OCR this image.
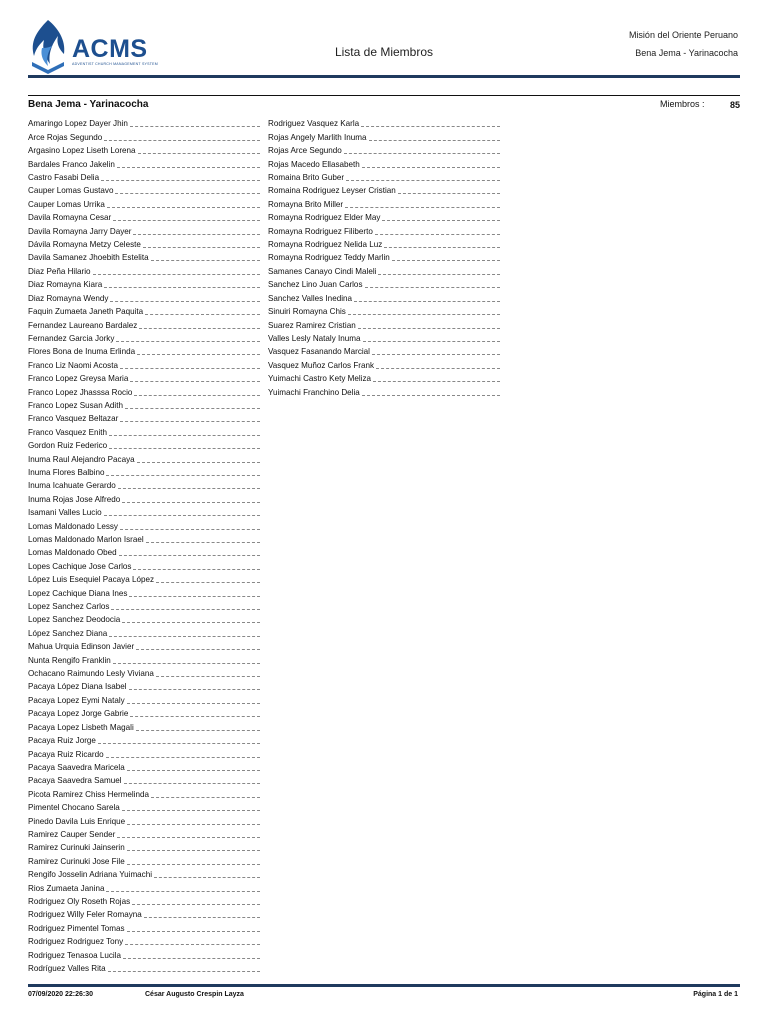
ACMS
ADVENTIST CHURCH MANAGEMENT SYSTEM
Lista de Miembros
Misión del Oriente Peruano
Bena Jema - Yarinacocha
Bena Jema - Yarinacocha	Miembros :	85
Amaringo Lopez Dayer Jhin
Arce Rojas Segundo
Argasino Lopez Liseth Lorena
Bardales Franco Jakelin
Castro Fasabi Delia
Cauper Lomas Gustavo
Cauper Lomas Urrika
Davila Romayna Cesar
Davila Romayna Jarry Dayer
Dávila Romayna Metzy Celeste
Davila Samanez Jhoebith Estelita
Diaz Peña Hilario
Diaz Romayna Kiara
Diaz Romayna Wendy
Faquin Zumaeta Janeth Paquita
Fernandez Laureano Bardalez
Fernandez Garcia Jorky
Flores Bona de Inuma Erlinda
Franco Liz Naomi Acosta
Franco Lopez Greysa Maria
Franco Lopez Jhasssa Rocio
Franco Lopez Susan Adith
Franco Vasquez Beltazar
Franco Vasquez Enith
Gordon Ruiz Federico
Inuma Raul Alejandro Pacaya
Inuma Flores Balbino
Inuma Icahuate Gerardo
Inuma Rojas Jose Alfredo
Isamani Valles Lucio
Lomas Maldonado Lessy
Lomas Maldonado Marlon Israel
Lomas Maldonado Obed
Lopes Cachique Jose Carlos
López Luis Esequiel Pacaya López
Lopez Cachique Diana Ines
Lopez Sanchez Carlos
Lopez Sanchez Deodocia
López Sanchez Diana
Mahua Urquia Edinson Javier
Nunta Rengifo Franklin
Ochacano Raimundo Lesly Viviana
Pacaya López Diana Isabel
Pacaya Lopez Eymi Nataly
Pacaya Lopez Jorge Gabrie
Pacaya Lopez Lisbeth Magali
Pacaya Ruiz Jorge
Pacaya Ruiz Ricardo
Pacaya Saavedra Maricela
Pacaya Saavedra Samuel
Picota Ramirez Chiss Hermelinda
Pimentel Chocano Sarela
Pinedo Davila Luis Enrique
Ramirez Cauper Sender
Ramirez Curinuki Jainserin
Ramirez Curinuki Jose File
Rengifo Josselin Adriana Yuimachi
Rios Zumaeta Janina
Rodriguez Oly Roseth Rojas
Rodriguez Willy Feler Romayna
Rodriguez Pimentel Tomas
Rodriguez Rodriguez Tony
Rodriguez Tenasoa Lucila
Rodríguez Valles Rita
Rodriguez Vasquez Karla
Rojas Angely Marlith Inuma
Rojas Arce Segundo
Rojas Macedo Ellasabeth
Romaina Brito Guber
Romaina Rodriguez Leyser Cristian
Romayna Brito Miller
Romayna Rodriguez Elder May
Romayna Rodriguez Filiberto
Romayna Rodriguez Nelida Luz
Romayna Rodriguez Teddy Marlin
Samanes Canayo Cindi Maleli
Sanchez Lino Juan Carlos
Sanchez Valles Inedina
Sinuiri Romayna Chis
Suarez Ramirez Cristian
Valles Lesly Nataly Inuma
Vasquez Fasanando Marcial
Vasquez Muñoz Carlos Frank
Yuimachi Castro Kety Meliza
Yuimachi Franchino Delia
07/09/2020 22:26:30	César Augusto Crespin Layza	Página 1 de 1
